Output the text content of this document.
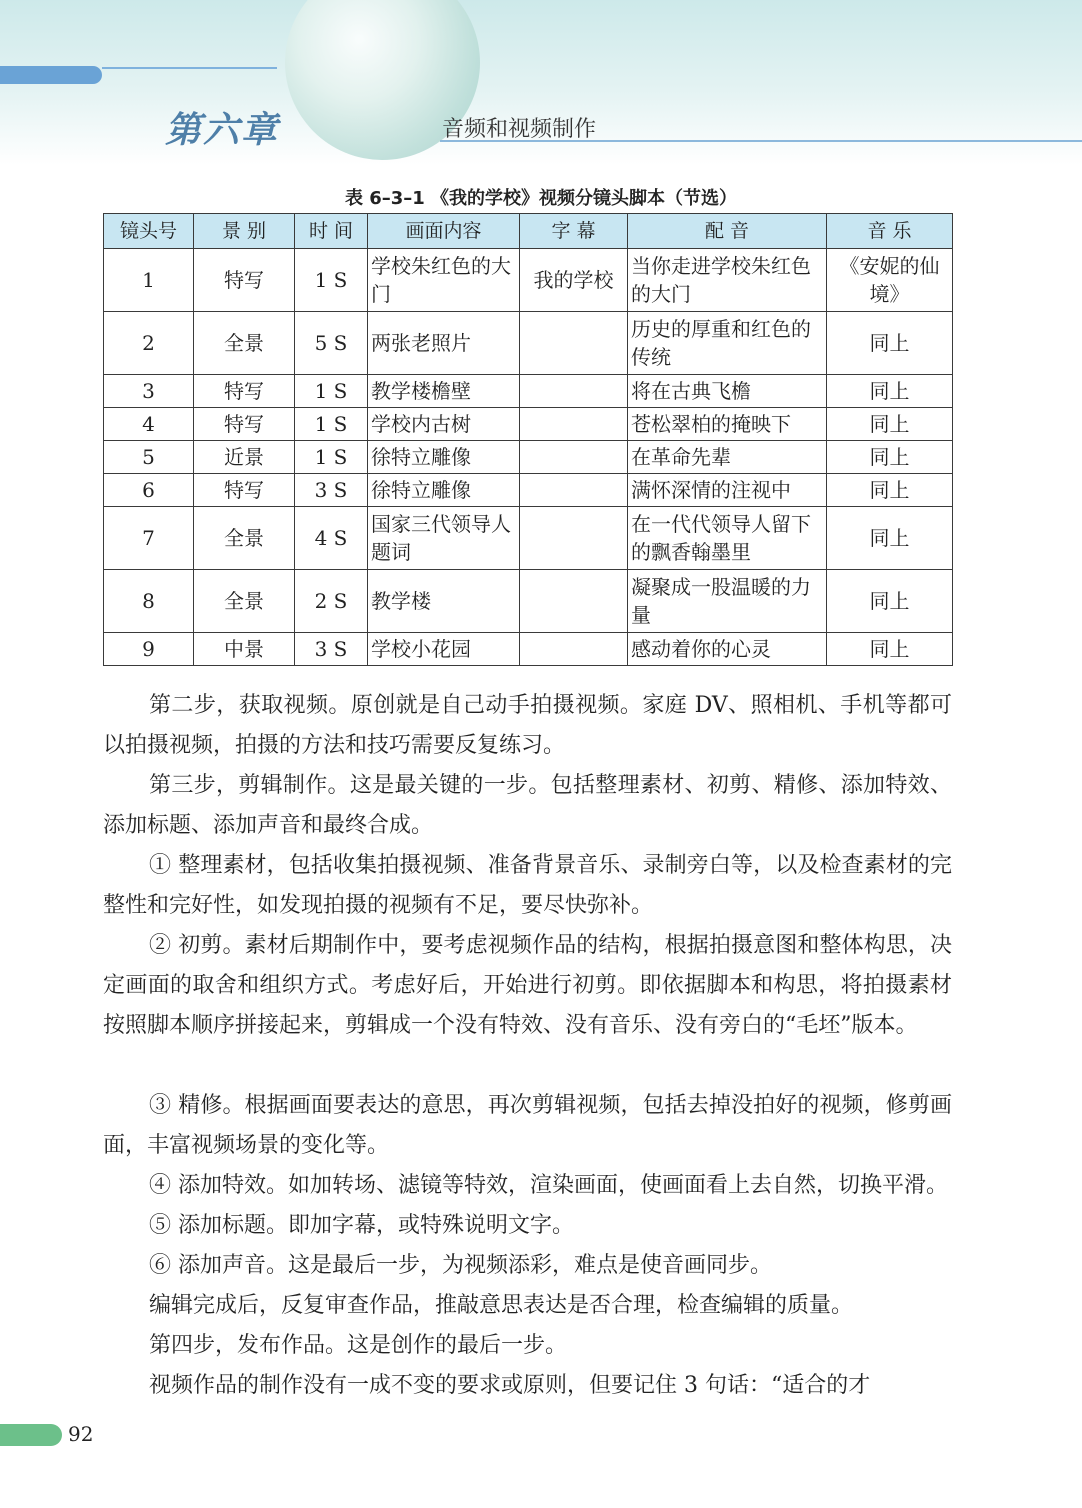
第六章	音频和视频制作
表 6–3–1 《我的学校》视频分镜头脚本（节选）
镜头号	景 别	时 间	画面内容	字 幕	配 音	音 乐
1	特写	1 S	学校朱红色的大门	我的学校	当你走进学校朱红色的大门	《安妮的仙境》
2	全景	5 S	两张老照片		历史的厚重和红色的传统	同上
3	特写	1 S	教学楼檐壁		将在古典飞檐	同上
4	特写	1 S	学校内古树		苍松翠柏的掩映下	同上
5	近景	1 S	徐特立雕像		在革命先辈	同上
6	特写	3 S	徐特立雕像		满怀深情的注视中	同上
7	全景	4 S	国家三代领导人题词		在一代代领导人留下的飘香翰墨里	同上
8	全景	2 S	教学楼		凝聚成一股温暖的力量	同上
9	中景	3 S	学校小花园		感动着你的心灵	同上

第二步，获取视频。原创就是自己动手拍摄视频。家庭 DV、照相机、手机等都可以拍摄视频，拍摄的方法和技巧需要反复练习。

第三步，剪辑制作。这是最关键的一步。包括整理素材、初剪、精修、添加特效、添加标题、添加声音和最终合成。

① 整理素材，包括收集拍摄视频、准备背景音乐、录制旁白等，以及检查素材的完整性和完好性，如发现拍摄的视频有不足，要尽快弥补。

② 初剪。素材后期制作中，要考虑视频作品的结构，根据拍摄意图和整体构思，决定画面的取舍和组织方式。考虑好后，开始进行初剪。即依据脚本和构思，将拍摄素材按照脚本顺序拼接起来，剪辑成一个没有特效、没有音乐、没有旁白的“毛坯”版本。

③ 精修。根据画面要表达的意思，再次剪辑视频，包括去掉没拍好的视频，修剪画面，丰富视频场景的变化等。

④ 添加特效。如加转场、滤镜等特效，渲染画面，使画面看上去自然，切换平滑。

⑤ 添加标题。即加字幕，或特殊说明文字。

⑥ 添加声音。这是最后一步，为视频添彩，难点是使音画同步。

编辑完成后，反复审查作品，推敲意思表达是否合理，检查编辑的质量。

第四步，发布作品。这是创作的最后一步。

视频作品的制作没有一成不变的要求或原则，但要记住 3 句话：“适合的才

92
